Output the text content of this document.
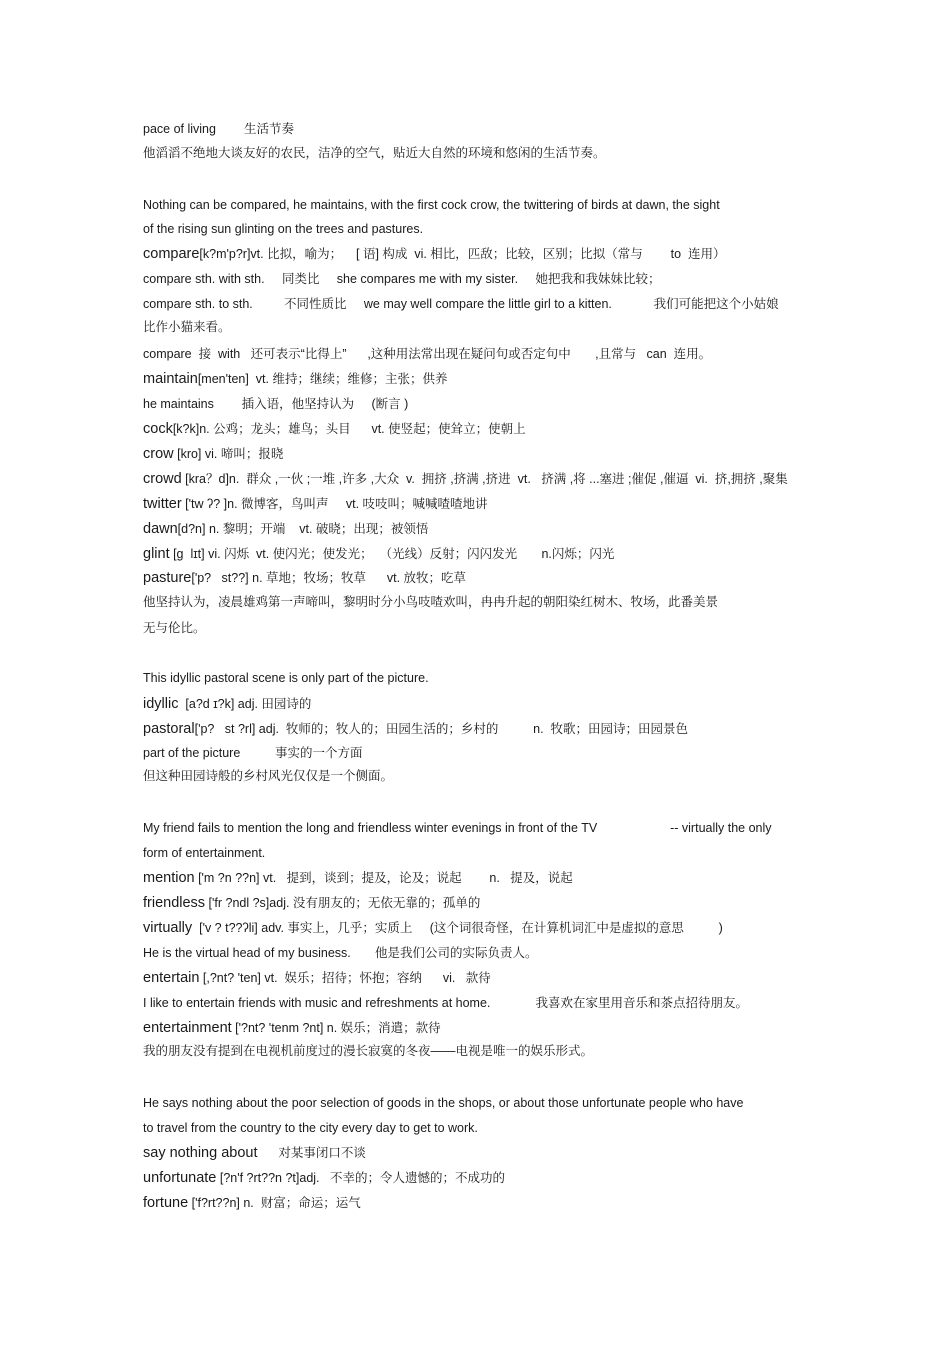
pace of living 生活节奏
他滔滔不绝地大谈友好的农民，洁净的空气，贴近大自然的环境和悠闲的生活节奏。
Nothing can be compared, he maintains, with the first cock crow, the twittering of birds at dawn, the sight
of the rising sun glinting on the trees and pastures.
compare[k?m'p?r]vt. 比拟，喻为；    [ 语] 构成  vi. 相比，匹敌；比较，区别；比拟（常与        to  连用）
compare sth. with sth.     同类比     she compares me with my sister.     她把我和我妹妹比较；
compare sth. to sth.         不同性质比     we may well compare the little girl to a kitten.            我们可能把这个小姑娘
比作小猫来看。
compare  接  with   还可表示“比得上”      ,这种用法常出现在疑问句或否定句中       ,且常与   can  连用。
maintain[men'ten]  vt. 维持；继续；维修；主张；供养
he maintains        插入语，他坚持认为     (断言 )
cock[k?k]n. 公鸡；龙头；雄鸟；头目      vt. 使竖起；使耸立；使朝上
crow [kro] vi. 啼叫；报晓
crowd [kra？d]n.  群众 ,一伙 ;一堆 ,许多 ,大众  v.  拥挤 ,挤满 ,挤进  vt.   挤满 ,将 ...塞进 ;催促 ,催逼  vi.  挤,拥挤 ,聚集
twitter ['tw ʔ? ]n. 微博客，鸟叫声     vt. 吱吱叫；喊喊喳喳地讲
dawn[d?n] n. 黎明；开端    vt. 破晓；出现；被领悟
glint [g  lɪt] vi. 闪烁  vt. 使闪光；使发光；  （光线）反射；闪闪发光       n.闪烁；闪光
pasture['p?   st??] n. 草地；牧场；牧草      vt. 放牧；吃草
他坚持认为，凌晨雄鸡第一声啼叫，黎明时分小鸟吱喳欢叫，冉冉升起的朝阳染红树木、牧场，此番美景
无与伦比。
This idyllic pastoral scene is only part of the picture.
idyllic  [a?d ɪ?k] adj. 田园诗的
pastoral['p?   st ?rl] adj.  牧师的；牧人的；田园生活的；乡村的          n.  牧歌；田园诗；田园景色
part of the picture          事实的一个方面
但这种田园诗般的乡村风光仅仅是一个侧面。
My friend fails to mention the long and friendless winter evenings in front of the TV                     -- virtually the only
form of entertainment.
mention ['m ?n ??n] vt.   提到，谈到；提及，论及；说起        n.   提及，说起
friendless ['fr ?ndl ?s]adj. 没有朋友的；无依无靠的；孤单的
virtually  ['v ? t??ʔli] adv. 事实上，几乎；实质上     (这个词很奇怪，在计算机词汇中是虚拟的意思          )
He is the virtual head of my business.       他是我们公司的实际负责人。
entertain [,?nt? 'ten] vt.  娱乐；招待；怀抱；容纳      vi.   款待
I like to entertain friends with music and refreshments at home.             我喜欢在家里用音乐和茶点招待朋友。
entertainment ['?nt? 'tenm ?nt] n. 娱乐；消遣；款待
我的朋友没有提到在电视机前度过的漫长寂寞的冬夜——电视是唯一的娱乐形式。
He says nothing about the poor selection of goods in the shops, or about those unfortunate people who have
to travel from the country to the city every day to get to work.
say nothing about      对某事闭口不谈
unfortunate [?n'f ?rt??n ?t]adj.   不幸的；令人遗憾的；不成功的
fortune ['f?rt??n] n.  财富；命运；运气
